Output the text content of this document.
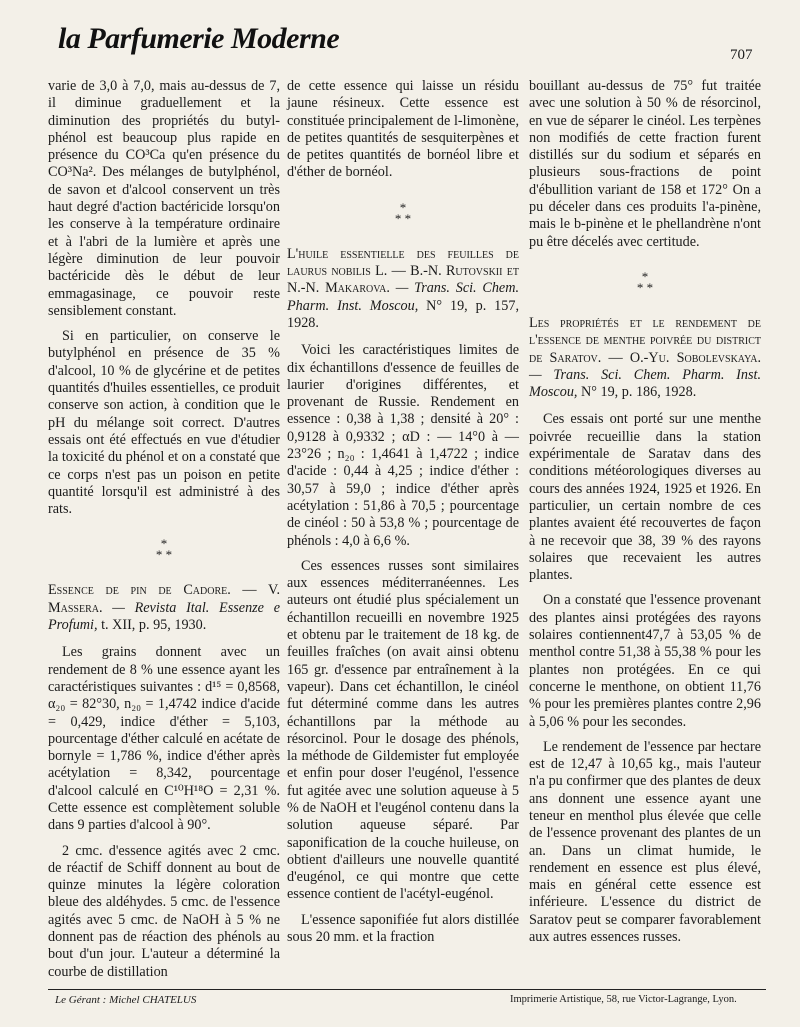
la Parfumerie Moderne	707

varie de 3,0 à 7,0, mais au-dessus de 7, il diminue graduellement et la diminution des propriétés du butyl-phénol est beaucoup plus rapide en présence du CO³Ca qu'en présence du CO³Na². Des mélanges de butylphénol, de savon et d'alcool conservent un très haut degré d'action bactéricide lorsqu'on les conserve à la température ordinaire et à l'abri de la lumière et après une légère diminution de leur pouvoir bactéricide dès le début de leur emmagasinage, ce pouvoir reste sensiblement constant.

Si en particulier, on conserve le butylphénol en présence de 35 % d'alcool, 10 % de glycérine et de petites quantités d'huiles essentielles, ce produit conserve son action, à condition que le pH du mélange soit correct. D'autres essais ont été effectués en vue d'étudier la toxicité du phénol et on a constaté que ce corps n'est pas un poison en petite quantité lorsqu'il est administré à des rats.

*
* *

Essence de pin de Cadore. — V. Massera. — Revista Ital. Essenze e Profumi, t. XII, p. 95, 1930.

Les grains donnent avec un rendement de 8 % une essence ayant les caractéristiques suivantes : d¹⁵ = 0,8568, α₂₀ = 82°30, n₂₀ = 1,4742 indice d'acide = 0,429, indice d'éther = 5,103, pourcentage d'éther calculé en acétate de bornyle = 1,786 %, indice d'éther après acétylation = 8,342, pourcentage d'alcool calculé en C¹⁰H¹⁸O = 2,31 %. Cette essence est complètement soluble dans 9 parties d'alcool à 90°.

2 cmc. d'essence agités avec 2 cmc. de réactif de Schiff donnent au bout de quinze minutes la légère coloration bleue des aldéhydes. 5 cmc. de l'essence agités avec 5 cmc. de NaOH à 5 % ne donnent pas de réaction des phénols au bout d'un jour. L'auteur a déterminé la courbe de distillation

de cette essence qui laisse un résidu jaune résineux. Cette essence est constituée principalement de l-limonène, de petites quantités de sesquiterpènes et de petites quantités de bornéol libre et d'éther de bornéol.

*
* *

L'huile essentielle des feuilles de laurus nobilis L. — B.-N. Rutovskii et N.-N. Makarova. — Trans. Sci. Chem. Pharm. Inst. Moscou, N° 19, p. 157, 1928.

Voici les caractéristiques limites de dix échantillons d'essence de feuilles de laurier d'origines différentes, et provenant de Russie. Rendement en essence : 0,38 à 1,38 ; densité à 20° : 0,9128 à 0,9332 ; αD : — 14°0 à — 23°26 ; n₂₀ : 1,4641 à 1,4722 ; indice d'acide : 0,44 à 4,25 ; indice d'éther : 30,57 à 59,0 ; indice d'éther après acétylation : 51,86 à 70,5 ; pourcentage de cinéol : 50 à 53,8 % ; pourcentage de phénols : 4,0 à 6,6 %.

Ces essences russes sont similaires aux essences méditerranéennes. Les auteurs ont étudié plus spécialement un échantillon recueilli en novembre 1925 et obtenu par le traitement de 18 kg. de feuilles fraîches (on avait ainsi obtenu 165 gr. d'essence par entraînement à la vapeur). Dans cet échantillon, le cinéol fut déterminé comme dans les autres échantillons par la méthode au résorcinol. Pour le dosage des phénols, la méthode de Gildemister fut employée et enfin pour doser l'eugénol, l'essence fut agitée avec une solution aqueuse à 5 % de NaOH et l'eugénol contenu dans la solution aqueuse séparé. Par saponification de la couche huileuse, on obtient d'ailleurs une nouvelle quantité d'eugénol, ce qui montre que cette essence contient de l'acétyl-eugénol.

L'essence saponifiée fut alors distillée sous 20 mm. et la fraction

bouillant au-dessus de 75° fut traitée avec une solution à 50 % de résorcinol, en vue de séparer le cinéol. Les terpènes non modifiés de cette fraction furent distillés sur du sodium et séparés en plusieurs sous-fractions de point d'ébullition variant de 158 et 172° On a pu déceler dans ces produits l'a-pinène, mais le b-pinène et le phellandrène n'ont pu être décelés avec certitude.

*
* *

Les propriétés et le rendement de l'essence de menthe poivrée du district de Saratov. — O.-Yu. Sobolevskaya. — Trans. Sci. Chem. Pharm. Inst. Moscou, N° 19, p. 186, 1928.

Ces essais ont porté sur une menthe poivrée recueillie dans la station expérimentale de Saratav dans des conditions météorologiques diverses au cours des années 1924, 1925 et 1926. En particulier, un certain nombre de ces plantes avaient été recouvertes de façon à ne recevoir que 38, 39 % des rayons solaires que recevaient les autres plantes.

On a constaté que l'essence provenant des plantes ainsi protégées des rayons solaires contiennent47,7 à 53,05 % de menthol contre 51,38 à 55,38 % pour les plantes non protégées. En ce qui concerne le menthone, on obtient 11,76 % pour les premières plantes contre 2,96 à 5,06 % pour les secondes.

Le rendement de l'essence par hectare est de 12,47 à 10,65 kg., mais l'auteur n'a pu confirmer que des plantes de deux ans donnent une essence ayant une teneur en menthol plus élevée que celle de l'essence provenant des plantes de un an. Dans un climat humide, le rendement en essence est plus élevé, mais en général cette essence est inférieure. L'essence du district de Saratov peut se comparer favorablement aux autres essences russes.

Le Gérant : Michel CHATELUS	Imprimerie Artistique, 58, rue Victor-Lagrange, Lyon.
